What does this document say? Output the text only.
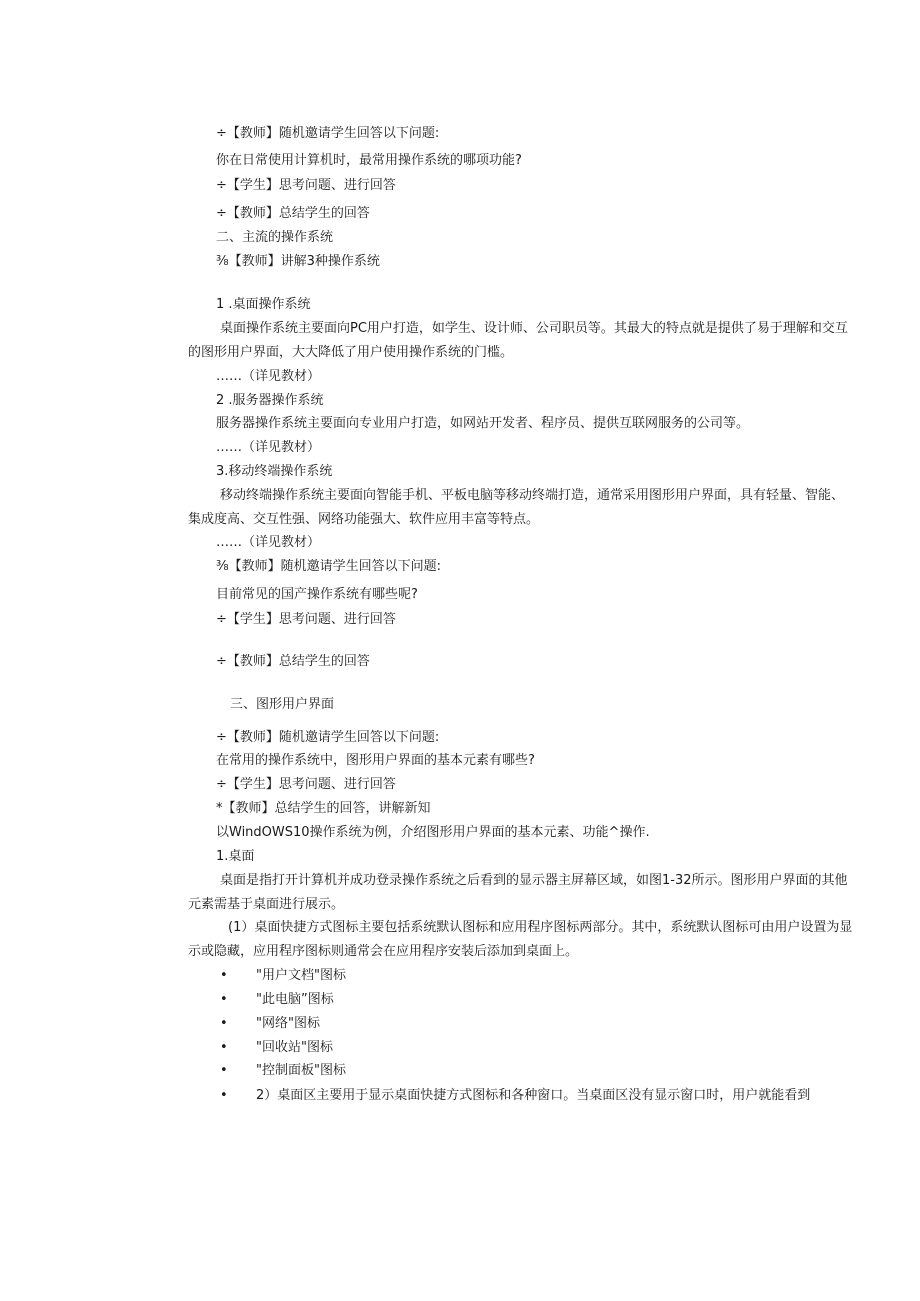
÷【教师】随机邀请学生回答以下问题:
你在日常使用计算机时，最常用操作系统的哪项功能?
÷【学生】思考问题、进行回答
÷【教师】总结学生的回答
二、主流的操作系统
⅜【教师】讲解3种操作系统
1 .桌面操作系统
桌面操作系统主要面向PC用户打造，如学生、设计师、公司职员等。其最大的特点就是提供了易于理解和交互
的图形用户界面，大大降低了用户使用操作系统的门槛。
……（详见教材）
2 .服务器操作系统
服务器操作系统主要面向专业用户打造，如网站开发者、程序员、提供互联网服务的公司等。
……（详见教材）
3.移动终端操作系统
移动终端操作系统主要面向智能手机、平板电脑等移动终端打造，通常采用图形用户界面，具有轻量、智能、
集成度高、交互性强、网络功能强大、软件应用丰富等特点。
……（详见教材）
⅜【教师】随机邀请学生回答以下问题:
目前常见的国产操作系统有哪些呢?
÷【学生】思考问题、进行回答
÷【教师】总结学生的回答
三、图形用户界面
÷【教师】随机邀请学生回答以下问题:
在常用的操作系统中，图形用户界面的基本元素有哪些?
÷【学生】思考问题、进行回答
*【教师】总结学生的回答，讲解新知
以WindOWS10操作系统为例，介绍图形用户界面的基本元素、功能^操作.
1.桌面
桌面是指打开计算机并成功登录操作系统之后看到的显示器主屏幕区域，如图1-32所示。图形用户界面的其他
元素需基于桌面进行展示。
(1）桌面快捷方式图标主要包括系统默认图标和应用程序图标两部分。其中，系统默认图标可由用户设置为显
示或隐藏，应用程序图标则通常会在应用程序安装后添加到桌面上。
• "用户文档"图标
• "此电脑”图标
• "网络"图标
• "回收站"图标
• "控制面板"图标
• 2）桌面区主要用于显示桌面快捷方式图标和各种窗口。当桌面区没有显示窗口时，用户就能看到
